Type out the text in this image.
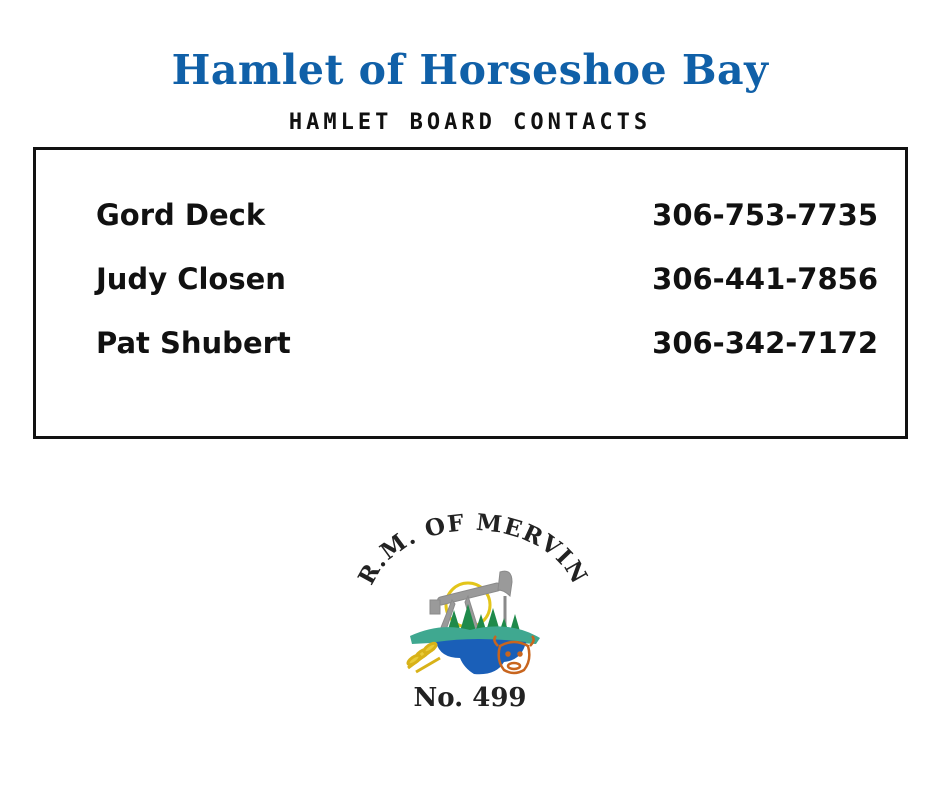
Hamlet of Horseshoe Bay
HAMLET BOARD CONTACTS
Gord Deck	306-753-7735
Judy Closen	306-441-7856
Pat Shubert	306-342-7172
R.M. OF MERVIN
No. 499
